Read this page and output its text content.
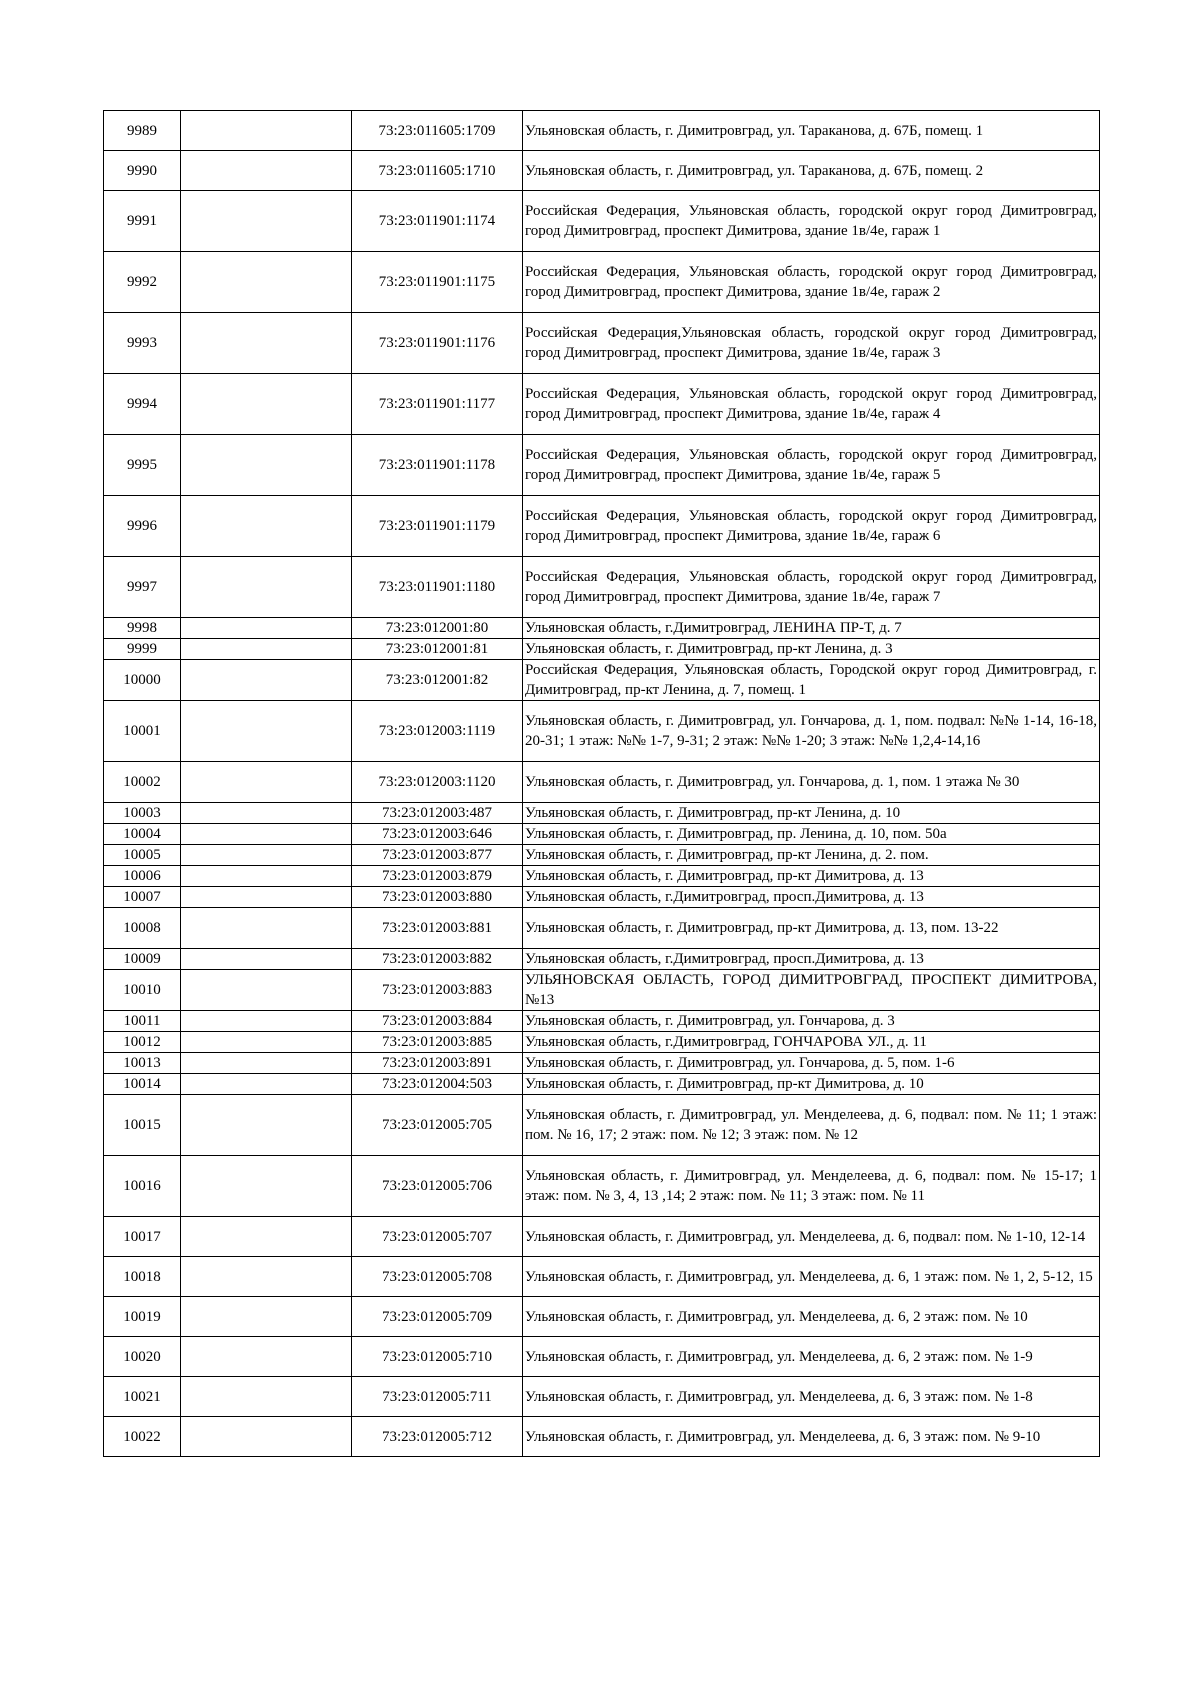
9989		73:23:011605:1709	Ульяновская область, г. Димитровград, ул. Тараканова, д. 67Б, помещ. 1
9990		73:23:011605:1710	Ульяновская область, г. Димитровград, ул. Тараканова, д. 67Б, помещ. 2
9991		73:23:011901:1174	Российская Федерация, Ульяновская область, городской округ город Димитровград, город Димитровград, проспект Димитрова, здание 1в/4е, гараж 1
9992		73:23:011901:1175	Российская Федерация, Ульяновская область, городской округ город Димитровград, город Димитровград, проспект Димитрова, здание 1в/4е, гараж 2
9993		73:23:011901:1176	Российская Федерация,Ульяновская область, городской округ город Димитровград, город Димитровград, проспект Димитрова, здание 1в/4е, гараж 3
9994		73:23:011901:1177	Российская Федерация, Ульяновская область, городской округ город Димитровград, город Димитровград, проспект Димитрова, здание 1в/4е, гараж 4
9995		73:23:011901:1178	Российская Федерация, Ульяновская область, городской округ город Димитровград, город Димитровград, проспект Димитрова, здание 1в/4е, гараж 5
9996		73:23:011901:1179	Российская Федерация, Ульяновская область, городской округ город Димитровград, город Димитровград, проспект Димитрова, здание 1в/4е, гараж 6
9997		73:23:011901:1180	Российская Федерация, Ульяновская область, городской округ город Димитровград, город Димитровград, проспект Димитрова, здание 1в/4е, гараж 7
9998		73:23:012001:80	Ульяновская область, г.Димитровград, ЛЕНИНА ПР-Т, д. 7
9999		73:23:012001:81	Ульяновская область, г. Димитровград, пр-кт Ленина, д. 3
10000		73:23:012001:82	Российская Федерация, Ульяновская область, Городской округ город Димитровград, г. Димитровград, пр-кт Ленина, д. 7, помещ. 1
10001		73:23:012003:1119	Ульяновская область, г. Димитровград, ул. Гончарова, д. 1, пом. подвал: №№ 1-14, 16-18, 20-31; 1 этаж: №№ 1-7, 9-31; 2 этаж: №№ 1-20; 3 этаж: №№ 1,2,4-14,16
10002		73:23:012003:1120	Ульяновская область, г. Димитровград, ул. Гончарова, д. 1, пом. 1 этажа № 30
10003		73:23:012003:487	Ульяновская область, г. Димитровград, пр-кт Ленина, д. 10
10004		73:23:012003:646	Ульяновская область, г. Димитровград, пр. Ленина, д. 10, пом. 50а
10005		73:23:012003:877	Ульяновская область, г. Димитровград, пр-кт Ленина, д. 2. пом.
10006		73:23:012003:879	Ульяновская область, г. Димитровград, пр-кт Димитрова, д. 13
10007		73:23:012003:880	Ульяновская область, г.Димитровград, просп.Димитрова, д. 13
10008		73:23:012003:881	Ульяновская область, г. Димитровград, пр-кт Димитрова, д. 13, пом. 13-22
10009		73:23:012003:882	Ульяновская область, г.Димитровград, просп.Димитрова, д. 13
10010		73:23:012003:883	УЛЬЯНОВСКАЯ ОБЛАСТЬ, ГОРОД ДИМИТРОВГРАД, ПРОСПЕКТ ДИМИТРОВА, №13
10011		73:23:012003:884	Ульяновская область, г. Димитровград, ул. Гончарова, д. 3
10012		73:23:012003:885	Ульяновская область, г.Димитровград, ГОНЧАРОВА УЛ., д. 11
10013		73:23:012003:891	Ульяновская область, г. Димитровград, ул. Гончарова, д. 5, пом. 1-6
10014		73:23:012004:503	Ульяновская область, г. Димитровград, пр-кт Димитрова, д. 10
10015		73:23:012005:705	Ульяновская область, г. Димитровград, ул. Менделеева, д. 6, подвал: пом. № 11; 1 этаж: пом. № 16, 17; 2 этаж: пом. № 12; 3 этаж: пом. № 12
10016		73:23:012005:706	Ульяновская область, г. Димитровград, ул. Менделеева, д. 6, подвал: пом. № 15-17; 1 этаж: пом. № 3, 4, 13 ,14; 2 этаж: пом. № 11; 3 этаж: пом. № 11
10017		73:23:012005:707	Ульяновская область, г. Димитровград, ул. Менделеева, д. 6, подвал: пом. № 1-10, 12-14
10018		73:23:012005:708	Ульяновская область, г. Димитровград, ул. Менделеева, д. 6, 1 этаж: пом. № 1, 2, 5-12, 15
10019		73:23:012005:709	Ульяновская область, г. Димитровград, ул. Менделеева, д. 6, 2 этаж: пом. № 10
10020		73:23:012005:710	Ульяновская область, г. Димитровград, ул. Менделеева, д. 6, 2 этаж: пом. № 1-9
10021		73:23:012005:711	Ульяновская область, г. Димитровград, ул. Менделеева, д. 6, 3 этаж: пом. № 1-8
10022		73:23:012005:712	Ульяновская область, г. Димитровград, ул. Менделеева, д. 6, 3 этаж: пом. № 9-10
